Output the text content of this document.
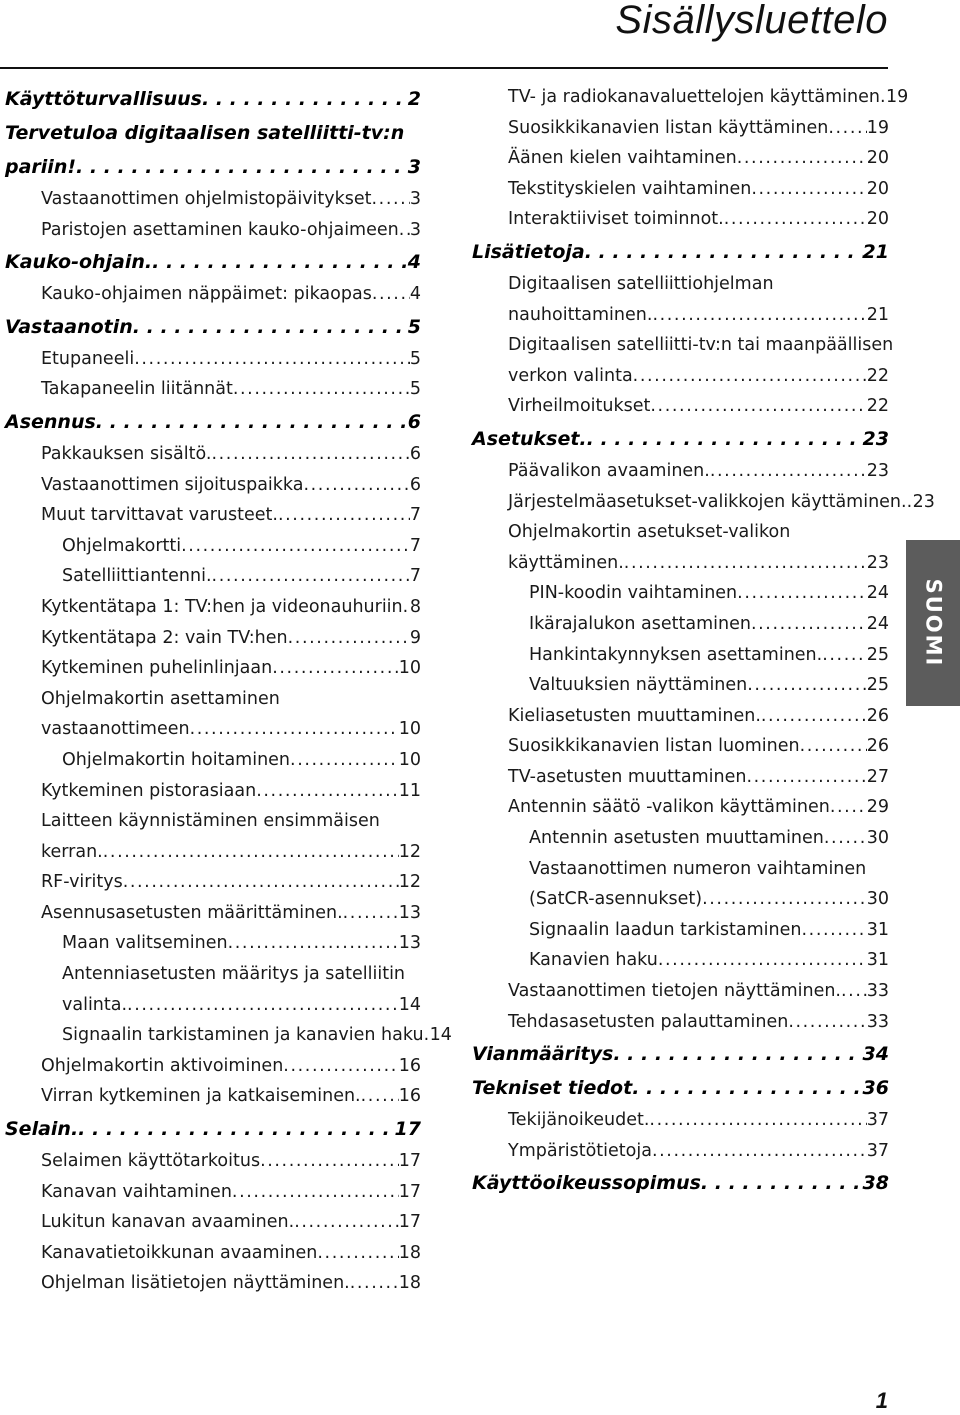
Sisällysluettelo
Käyttöturvallisuus . . .	2
Tervetuloa digitaalisen satelliitti-tv:n
pariin! . . .	3
Vastaanottimen ohjelmistopäivitykset ..... 3
Paristojen asettaminen kauko-ohjaimeen ..... 3
Kauko-ohjain. . . .	4
Kauko-ohjaimen näppäimet: pikaopas ..... 4
Vastaanotin . . .	5
Etupaneeli .....	5
Takapaneelin liitännät .....	5
Asennus . . .	6
Pakkauksen sisältö. .....	6
Vastaanottimen sijoituspaikka .....	6
Muut tarvittavat varusteet. .....	7
Ohjelmakortti .....	7
Satelliittiantenni. .....	7
Kytkentätapa 1: TV:hen ja videonauhuriin ..... 8
Kytkentätapa 2: vain TV:hen .....	9
Kytkeminen puhelinlinjaan .....	10
Ohjelmakortin asettaminen
vastaanottimeen .....	10
Ohjelmakortin hoitaminen .....	10
Kytkeminen pistorasiaan .....	11
Laitteen käynnistäminen ensimmäisen
kerran. .....	12
RF-viritys .....	12
Asennusasetusten määrittäminen. .....	13
Maan valitseminen .....	13
Antenniasetusten määritys ja satelliitin
valinta. .....	14
Signaalin tarkistaminen ja kanavien haku ..... 14
Ohjelmakortin aktivoiminen .....	16
Virran kytkeminen ja katkaiseminen. ..... 16
Selain. . . .	17
Selaimen käyttötarkoitus .....	17
Kanavan vaihtaminen .....	17
Lukitun kanavan avaaminen. .....	17
Kanavatietoikkunan avaaminen .....	18
Ohjelman lisätietojen näyttäminen. .....	18
TV- ja radiokanavaluettelojen käyttäminen ..... 19
Suosikkikanavien listan käyttäminen ..... 19
Äänen kielen vaihtaminen .....	20
Tekstityskielen vaihtaminen .....	20
Interaktiiviset toiminnot. .....	20
Lisätietoja . . .	21
Digitaalisen satelliittiohjelman
nauhoittaminen. .....	21
Digitaalisen satelliitti-tv:n tai maanpäällisen
verkon valinta .....	22
Virheilmoitukset .....	22
Asetukset. . . .	23
Päävalikon avaaminen. .....	23
Järjestelmäasetukset-valikkojen käyttäminen. ..... 23
Ohjelmakortin asetukset-valikon
käyttäminen. .....	23
PIN-koodin vaihtaminen .....	24
Ikärajalukon asettaminen .....	24
Hankintakynnyksen asettaminen. .....	25
Valtuuksien näyttäminen .....	25
Kieliasetusten muuttaminen. .....	26
Suosikkikanavien listan luominen .....	26
TV-asetusten muuttaminen .....	27
Antennin säätö -valikon käyttäminen ..... 29
Antennin asetusten muuttaminen ..... 30
Vastaanottimen numeron vaihtaminen
(SatCR-asennukset) .....	30
Signaalin laadun tarkistaminen .....	31
Kanavien haku .....	31
Vastaanottimen tietojen näyttäminen. ..... 33
Tehdasasetusten palauttaminen .....	33
Vianmääritys . . .	34
Tekniset tiedot . . .	36
Tekijänoikeudet. .....	37
Ympäristötietoja .....	37
Käyttöoikeussopimus . . .	38
SUOMI
1
